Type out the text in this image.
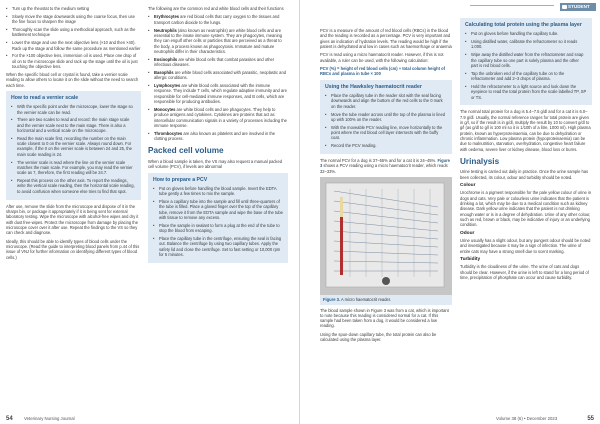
• Turn up the rheostat to the medium setting
• Slowly move the stage downwards using the coarse focus, then use the fine focus to sharpen the image
• Thoroughly scan the slide using a methodical approach, such as the battlement technique
• Lower the stage and use the next objective lens (×10 and then ×40). Rack up the stage and follow the same procedure as mentioned earlier
• For the ×100 objective lens, immersion oil is used. Place one drop of oil on to the microscope slide and rack up the stage until the oil is just touching the objective lens.

When the specific blood cell or crystal is found, take a vernier scale reading to allow others to locate it on the slide without the need to search each time.

How to read a vernier scale
• With the specific point under the microscope, lower the stage so the vernier scale can be read.
• There are two scales to read and record: the main stage scale and the vernier scale next to the main stage. There is also a horizontal and a vertical scale on the microscope.
• Read the main scale first, recording the number on the main scale closest to 0 on the vernier scale. Always round down. For example, if the 0 on the vernier scale is between 24 and 25, the main scale reading is 24.
• The vernier scale is read where the line on the vernier scale matches the main scale. For example, you may read the vernier scale as 7, therefore, the first reading will be 24.7.
• Repeat this process on the other axis. To report the readings, write the vertical scale reading, then the horizontal scale reading, to avoid confusion when someone else tries to find that spot.

After use, remove the slide from the microscope and dispose of it in the sharps bin, or package it appropriately if it is being sent for external laboratory testing. Wipe the microscope with alcohol-free wipes and dry it with dust free-wipes. Protect the microscope from damage by placing the microscope cover over it after use. Repeat the findings to the VS so they can check and diagnose.

Ideally, this should be able to identify types of blood cells under the microscope. (Read the guide to interpreting blood panels from p.44 of this issue of VNJ for further information on identifying different types of blood cells.)

The following are the common red and white blood cells and their functions

• Erythrocytes are red blood cells that carry oxygen to the tissues and transport carbon dioxide to the lungs.
• Neutrophils (also known as neutrophils) are white blood cells and are essential to the innate immune system. They are phagocytes, meaning they can engulf other cells or particles that are perceived as a threat to the body, a process known as phagocytosis. Immature and mature neutrophils differ in their characteristics.
• Eosinophils are white blood cells that combat parasites and other infectious diseases.
• Basophils are white blood cells associated with parasitic, neoplastic and allergic conditions.
• Lymphocytes are white blood cells associated with the immune response. They include T cells, which regulate adaptive immunity and are responsible for cell-mediated immune responses, and B cells, which are responsible for producing antibodies.
• Monocytes are white blood cells and are phagocytes. They help to produce antigens and cytokines. Cytokines are proteins that act as intercellular communication signals in a variety of processes including the immune response.
• Thrombocytes are also known as platelets and are involved in the clotting process.
Packed cell volume

When a blood sample is taken, the VS may also request a manual packed cell volume (PCV), if levels are abnormal

How to prepare a PCV
• Put on gloves before handling the blood sample. Invert the EDTA tube gently a few times to mix the sample.
• Place a capillary tube into the sample and fill until three-quarters of the tube is filled. Place a gloved finger over the top of the capillary tube, remove it from the EDTA sample and wipe the base of the tube with tissue to remove any excess.
• Place the sample in sealant to form a plug at the end of the tube to stop the blood from escaping.
• Place the capillary tube in the centrifuge, ensuring the seal is facing out. Balance the centrifuge by using two capillary tubes. Apply the safety lid and close the centrifuge. Set to fast setting or 10,000 rpm for 5 minutes.
54	Veterinary Nursing Journal
STUDENT

PCV is a measure of the amount of red blood cells (RBCs) in the blood and the reading is recorded as a percentage. PCV is very important and gives an indication of hydration levels. The reading would be high if the patient is dehydrated and low in cases such as haemorrhage or anaemia

PCV is read using a micro haematocrit reader. However, if this is not available, a ruler can be used, with the following calculation:

PCV (%) = height of red blood cells (cm) ÷ total column height of RBCs and plasma in tube × 100

Using the Hawksley haematocrit reader
• Place the capillary tube in the reader slot with the seal facing downwards and align the bottom of the red cells to the 0 mark on the reader.
• Move the tube reader across until the top of the plasma is lined up with 100% on the reader.
• With the moveable PCV reading line, move horizontally to the point where the red blood cell layer intersects with the buffy coat.
• Record the PCV reading.

The normal PCV for a dog is 37–55% and for a cat it is 24–45%. Figure 3 shows a PCV reading using a micro haematocrit reader, which reads 32–33%.

Figure 3. A micro haematocrit reader.

The blood sample shown in Figure 3 was from a cat, which is important to note because this reading is considered normal for a cat. If this sample had been taken from a dog, it would be considered a low reading.

Using the spun-down capillary tube, the total protein can also be calculated using the plasma layer.

Calculating total protein using the plasma layer
• Put on gloves before handling the capillary tube.
• Using distilled water, calibrate the refractometer so it reads 1.000.
• Wipe away the distilled water from the refractometer and snap the capillary tube so one part is solely plasma and the other part is red blood cells.
• Tap the unbroken end of the capillary tube on to the refractometer and add 2–3 drops of plasma.
• Hold the refractometer to a light source and look down the eyepiece to read the total protein from the scale labelled TP, SP or TS.

The normal total protein for a dog is 5.4–7.5 g/dl and for a cat it is 6.0–7.9 g/dl. Usually, the normal reference ranges for total protein are given in g/l, so if the result is in g/dl, multiply the result by 10 to convert g/dl to g/l (as g/dl to g/l is 100 ml so it is 1/10th of a litre, 1000 ml). High plasma protein, known as hyperproteinaemia, can be due to dehydration or chronic inflammation. Low plasma protein (hypoproteinaemia) can be due to malnutrition, starvation, overhydration, congestive heart failure with oedema, severe liver or kidney disease, blood loss or burns.

Urinalysis

Urine testing is carried out daily in practice. Once the urine sample has been collected, its colour, odour and turbidity should be noted.

Colour

Urochrome is a pigment responsible for the pale yellow colour of urine in dogs and cats. Very pale or colourless urine indicates that the patient is drinking a lot, which may be due to a medical condition such as kidney disease. Dark yellow urine indicates that the patient is not drinking enough water or is in a degree of dehydration. Urine of any other colour, such as red, brown or black, may be indicative of injury or an underlying condition.

Odour

Urine usually has a slight odour, but any pungent odour should be noted and investigated because it may be a sign of infection. The urine of entire cats may have a strong smell due to scent marking.

Turbidity

Turbidity is the cloudiness of the urine. The urine of cats and dogs should be clear. However, if the urine is left to stand for a long period of time, precipitation of phosphate can occur and cause turbidity.

Volume 38 (6) • December 2023	55
